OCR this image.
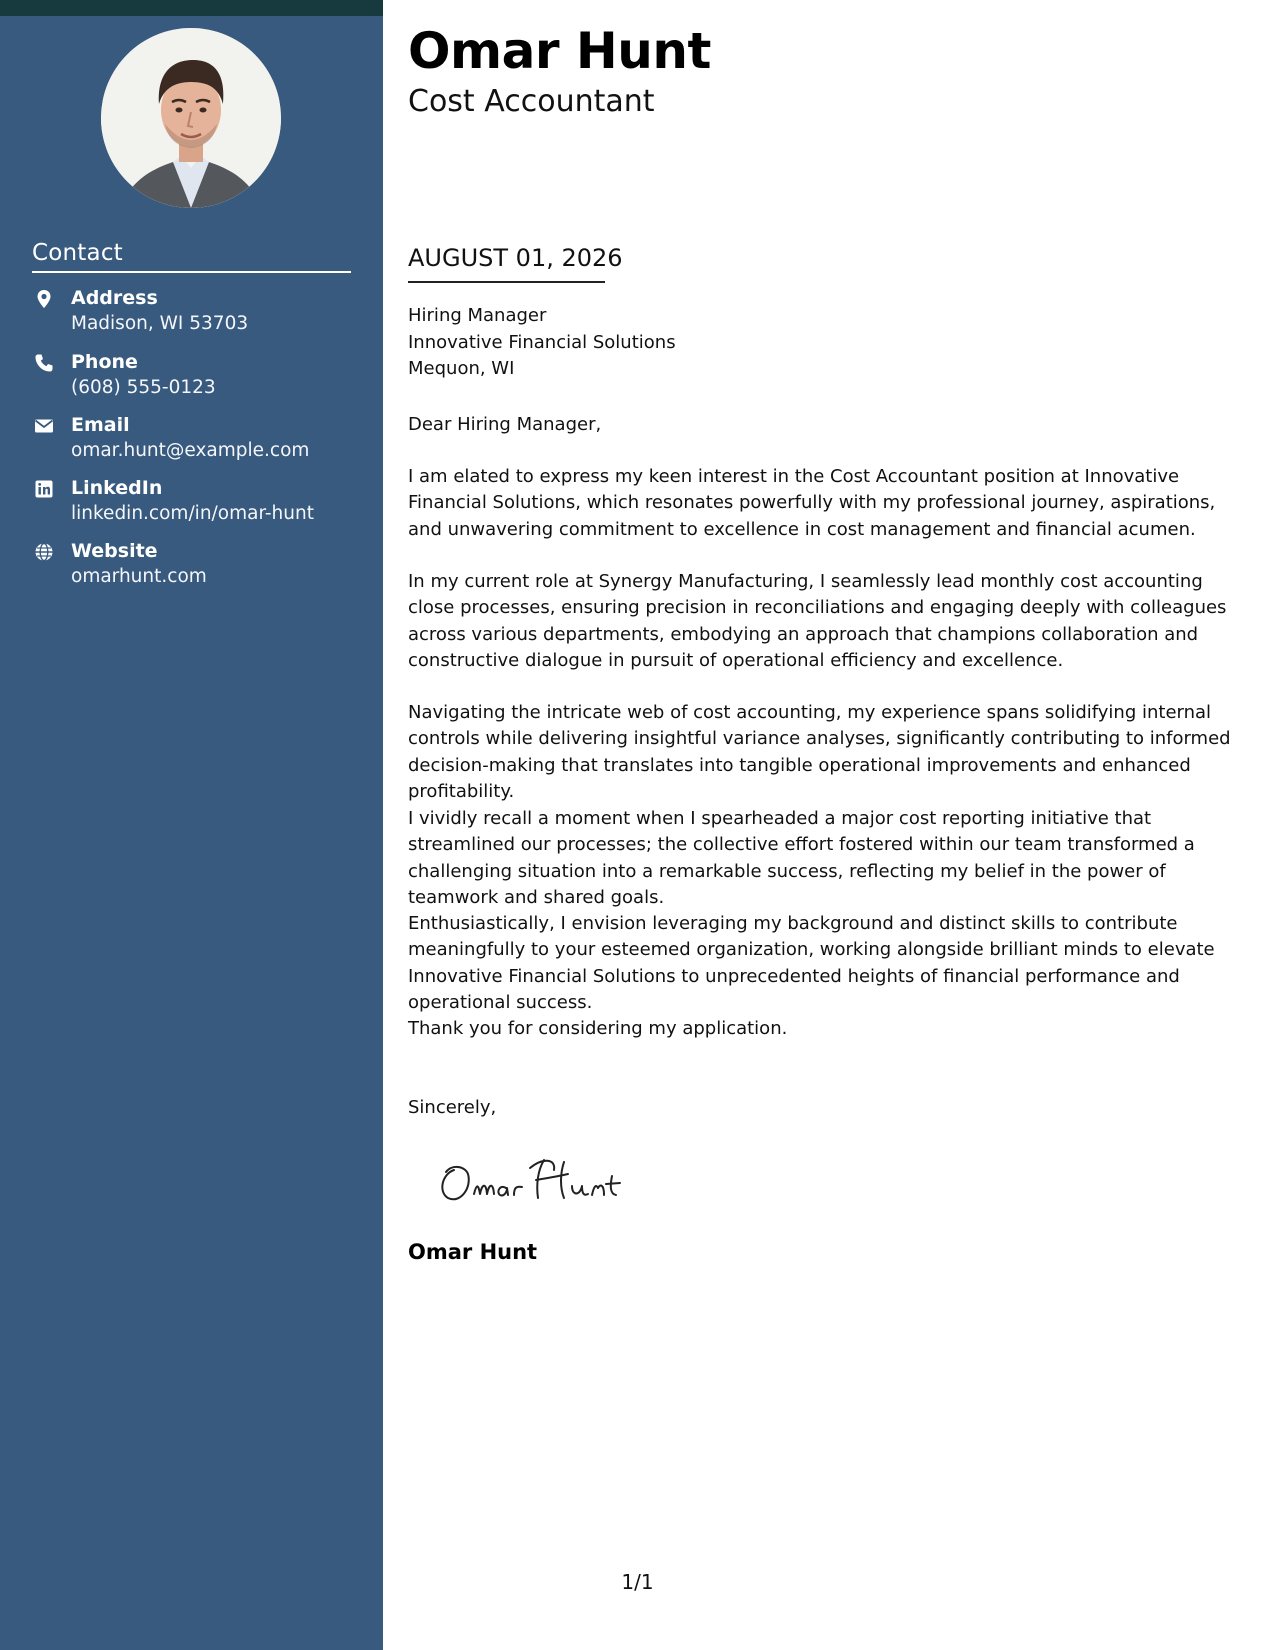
Contact
Address
Madison, WI 53703
Phone
(608) 555-0123
Email
omar.hunt@example.com
LinkedIn
linkedin.com/in/omar-hunt
Website
omarhunt.com
Omar Hunt
Cost Accountant
AUGUST 01, 2026
Hiring Manager
Innovative Financial Solutions
Mequon, WI

Dear Hiring Manager,

I am elated to express my keen interest in the Cost Accountant position at Innovative Financial Solutions, which resonates powerfully with my professional journey, aspirations, and unwavering commitment to excellence in cost management and financial acumen.

In my current role at Synergy Manufacturing, I seamlessly lead monthly cost accounting close processes, ensuring precision in reconciliations and engaging deeply with colleagues across various departments, embodying an approach that champions collaboration and constructive dialogue in pursuit of operational efficiency and excellence.

Navigating the intricate web of cost accounting, my experience spans solidifying internal controls while delivering insightful variance analyses, significantly contributing to informed decision-making that translates into tangible operational improvements and enhanced profitability.

I vividly recall a moment when I spearheaded a major cost reporting initiative that streamlined our processes; the collective effort fostered within our team transformed a challenging situation into a remarkable success, reflecting my belief in the power of teamwork and shared goals.

Enthusiastically, I envision leveraging my background and distinct skills to contribute meaningfully to your esteemed organization, working alongside brilliant minds to elevate Innovative Financial Solutions to unprecedented heights of financial performance and operational success.

Thank you for considering my application.

Sincerely,

Omar Hunt
1/1
